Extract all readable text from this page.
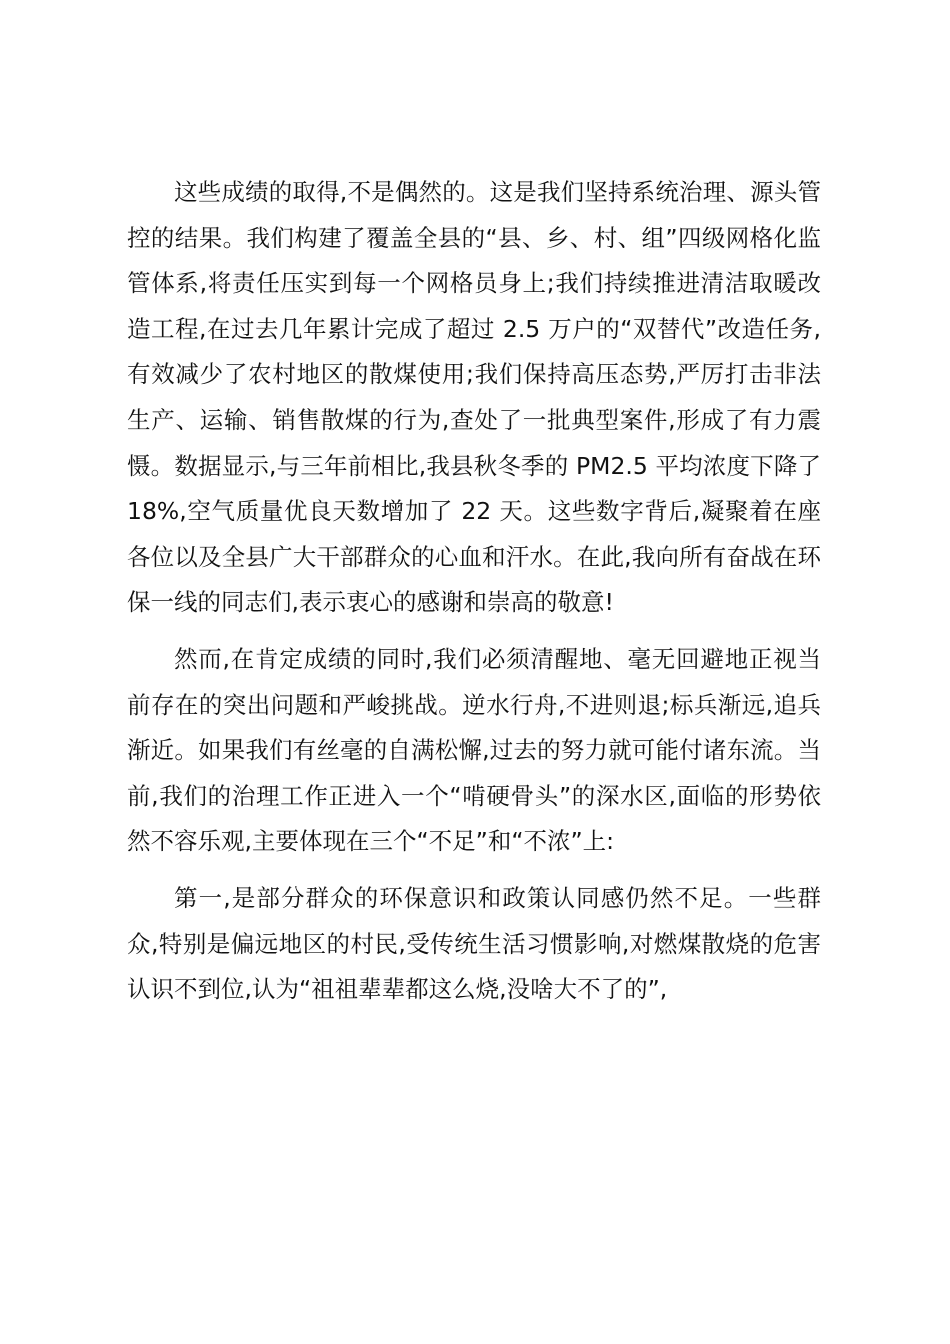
这些成绩的取得,不是偶然的。这是我们坚持系统治理、源头管控的结果。我们构建了覆盖全县的“县、乡、村、组”四级网格化监管体系,将责任压实到每一个网格员身上;我们持续推进清洁取暖改造工程,在过去几年累计完成了超过 2.5 万户的“双替代”改造任务,有效减少了农村地区的散煤使用;我们保持高压态势,严厉打击非法生产、运输、销售散煤的行为,查处了一批典型案件,形成了有力震慑。数据显示,与三年前相比,我县秋冬季的 PM2.5 平均浓度下降了 18%,空气质量优良天数增加了 22 天。这些数字背后,凝聚着在座各位以及全县广大干部群众的心血和汗水。在此,我向所有奋战在环保一线的同志们,表示衷心的感谢和崇高的敬意!

然而,在肯定成绩的同时,我们必须清醒地、毫无回避地正视当前存在的突出问题和严峻挑战。逆水行舟,不进则退;标兵渐远,追兵渐近。如果我们有丝毫的自满松懈,过去的努力就可能付诸东流。当前,我们的治理工作正进入一个“啃硬骨头”的深水区,面临的形势依然不容乐观,主要体现在三个“不足”和“不浓”上:

第一,是部分群众的环保意识和政策认同感仍然不足。一些群众,特别是偏远地区的村民,受传统生活习惯影响,对燃煤散烧的危害认识不到位,认为“祖祖辈辈都这么烧,没啥大不了的”,
